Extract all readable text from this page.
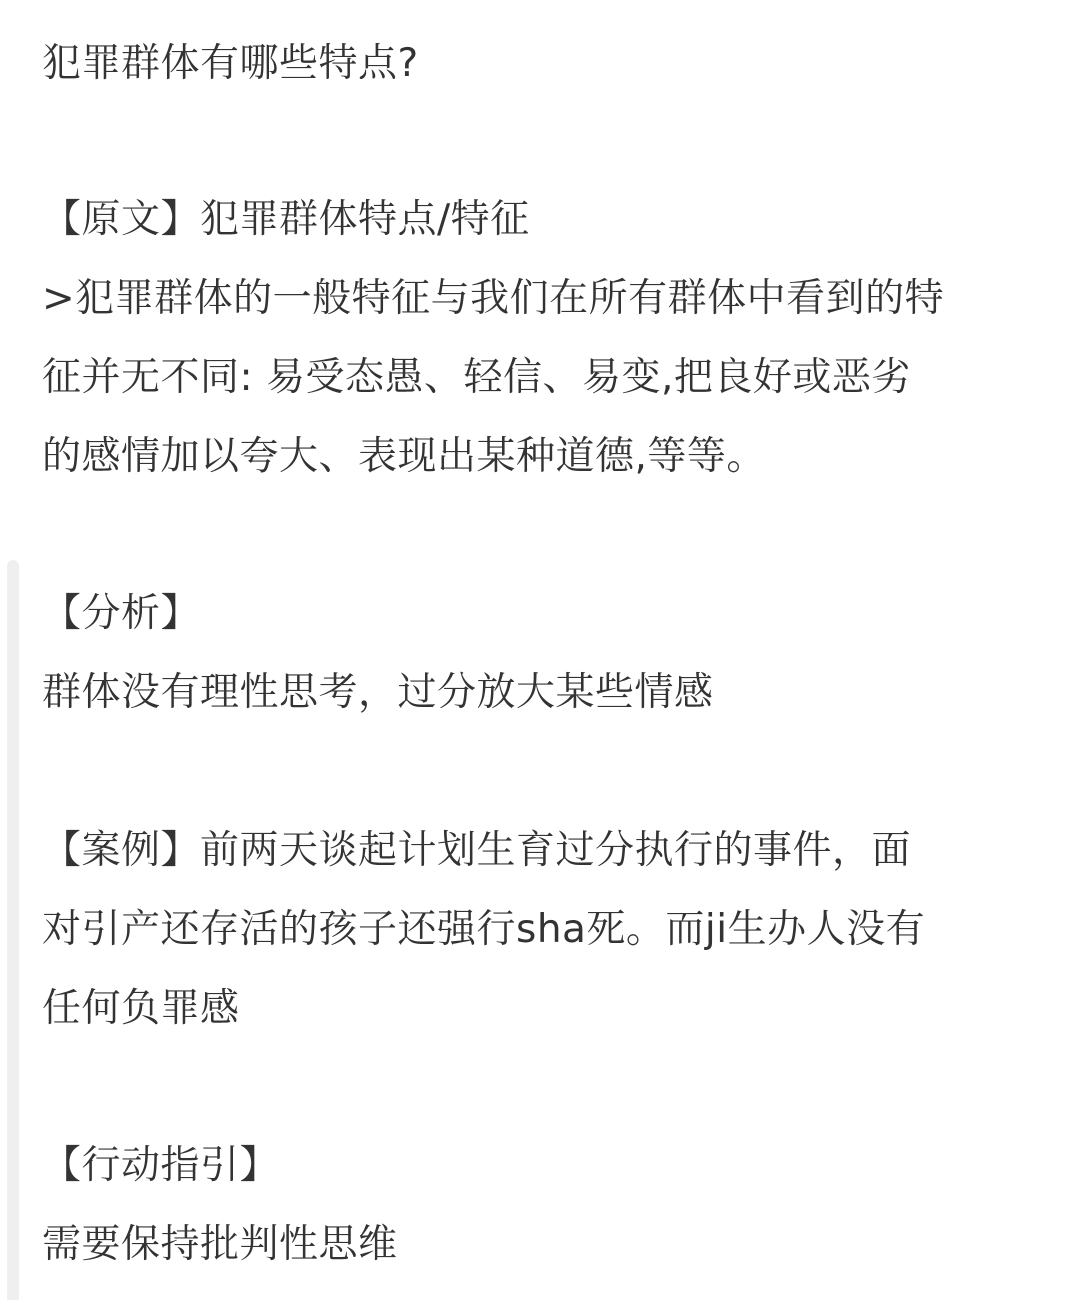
犯罪群体有哪些特点?
【原文】犯罪群体特点/特征
>犯罪群体的一般特征与我们在所有群体中看到的特
征并无不同: 易受态愚、轻信、易变,把良好或恶劣
的感情加以夸大、表现出某种道德,等等。
【分析】
群体没有理性思考，过分放大某些情感
【案例】前两天谈起计划生育过分执行的事件，面
对引产还存活的孩子还强行sha死。而ji生办人没有
任何负罪感
【行动指引】
需要保持批判性思维
